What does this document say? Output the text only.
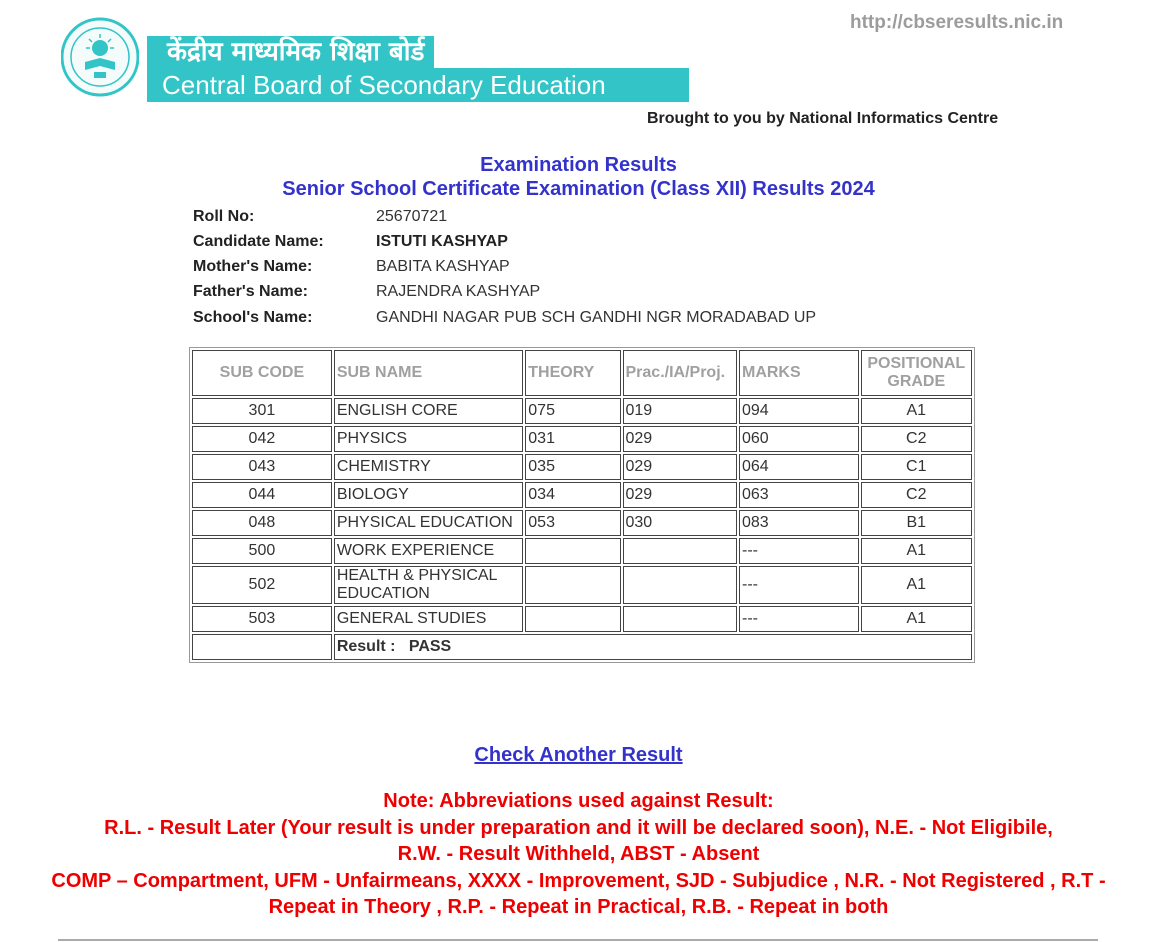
केंद्रीय माध्यमिक शिक्षा बोर्ड
Central Board of Secondary Education
http://cbseresults.nic.in
Brought to you by National Informatics Centre
Examination Results
Senior School Certificate Examination (Class XII) Results 2024
Roll No:	25670721
Candidate Name:	ISTUTI KASHYAP
Mother's Name:	BABITA KASHYAP
Father's Name:	RAJENDRA KASHYAP
School's Name:	GANDHI NAGAR PUB SCH GANDHI NGR MORADABAD UP
SUB CODE	SUB NAME	THEORY	Prac./IA/Proj.	MARKS	POSITIONAL GRADE
301	ENGLISH CORE	075	019	094	A1
042	PHYSICS	031	029	060	C2
043	CHEMISTRY	035	029	064	C1
044	BIOLOGY	034	029	063	C2
048	PHYSICAL EDUCATION	053	030	083	B1
500	WORK EXPERIENCE			---	A1
502	HEALTH & PHYSICAL EDUCATION			---	A1
503	GENERAL STUDIES			---	A1
	Result : PASS				
Check Another Result
Note: Abbreviations used against Result:
R.L. - Result Later (Your result is under preparation and it will be declared soon), N.E. - Not Eligibile,
R.W. - Result Withheld, ABST - Absent
COMP – Compartment, UFM - Unfairmeans, XXXX - Improvement, SJD - Subjudice , N.R. - Not Registered , R.T - Repeat in Theory , R.P. - Repeat in Practical, R.B. - Repeat in both
